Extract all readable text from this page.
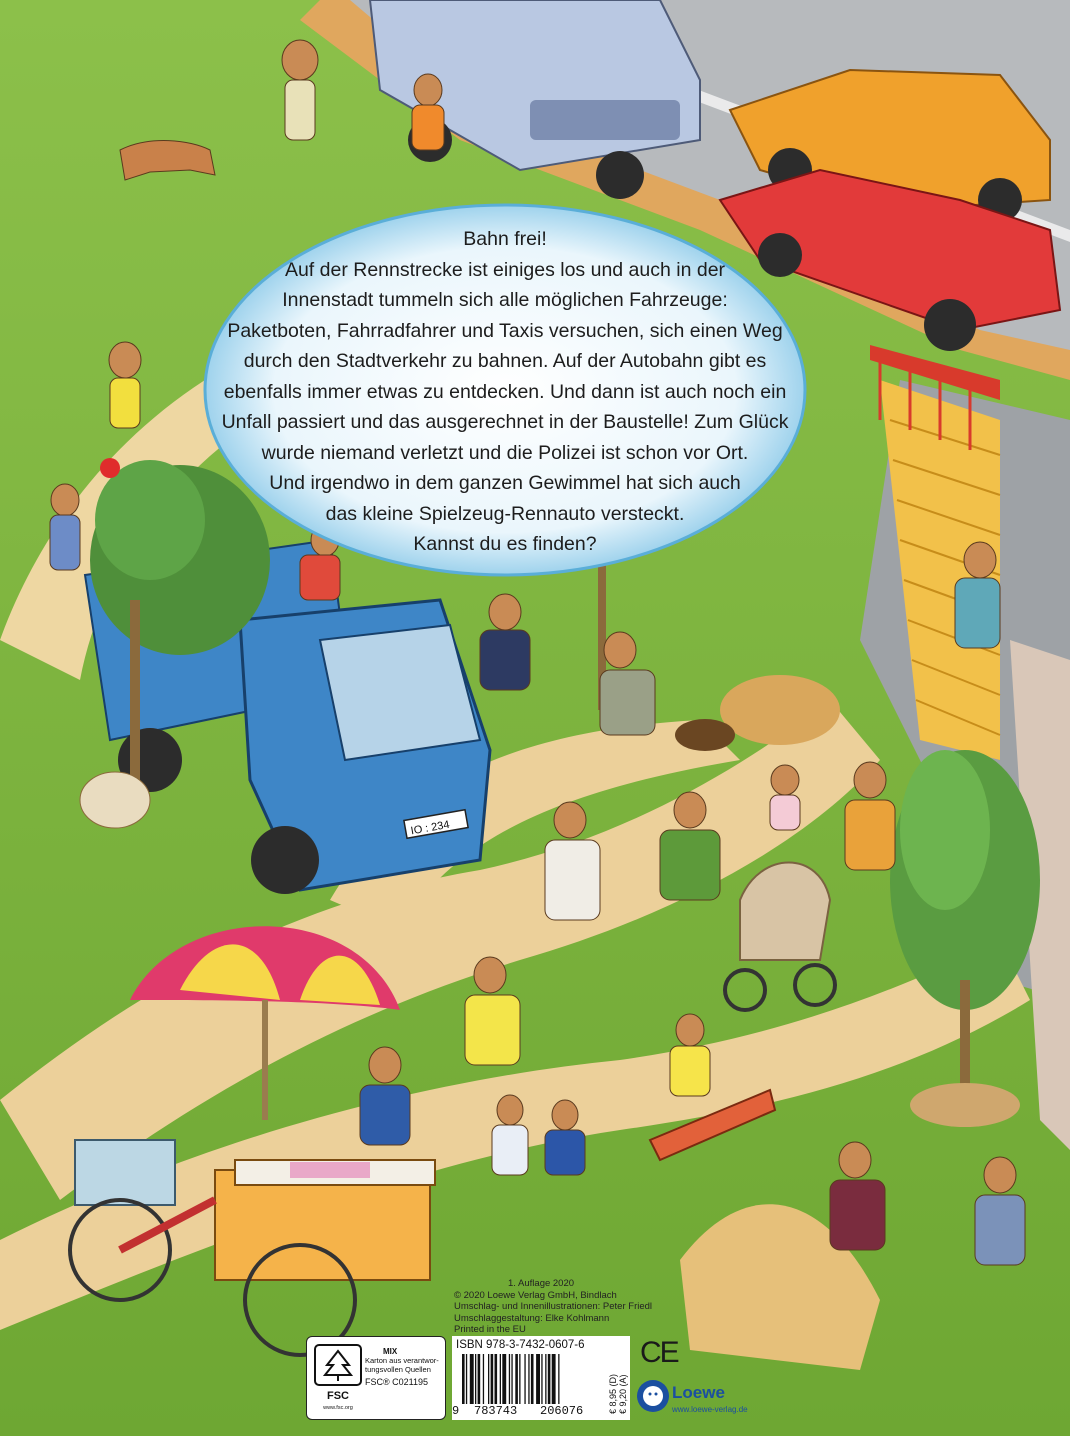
IO : 234
Bahn frei!
Auf der Rennstrecke ist einiges los und auch in der
Innenstadt tummeln sich alle möglichen Fahrzeuge:
Paketboten, Fahrradfahrer und Taxis versuchen, sich einen Weg
durch den Stadtverkehr zu bahnen. Auf der Autobahn gibt es
ebenfalls immer etwas zu entdecken. Und dann ist auch noch ein
Unfall passiert und das ausgerechnet in der Baustelle! Zum Glück
wurde niemand verletzt und die Polizei ist schon vor Ort.
Und irgendwo in dem ganzen Gewimmel hat sich auch
das kleine Spielzeug-Rennauto versteckt.
Kannst du es finden?
1. Auflage 2020
© 2020 Loewe Verlag GmbH, Bindlach
Umschlag- und Innenillustrationen: Peter Friedl
Umschlaggestaltung: Elke Kohlmann
Printed in the EU
FSC
www.fsc.org
MIX
Karton aus verantwor-
tungsvollen Quellen
FSC® C021195
ISBN 978-3-7432-0607-6
9 783743 206076	€ 8,95 (D) € 9,20 (A)
CE
Loewe
www.loewe-verlag.de
